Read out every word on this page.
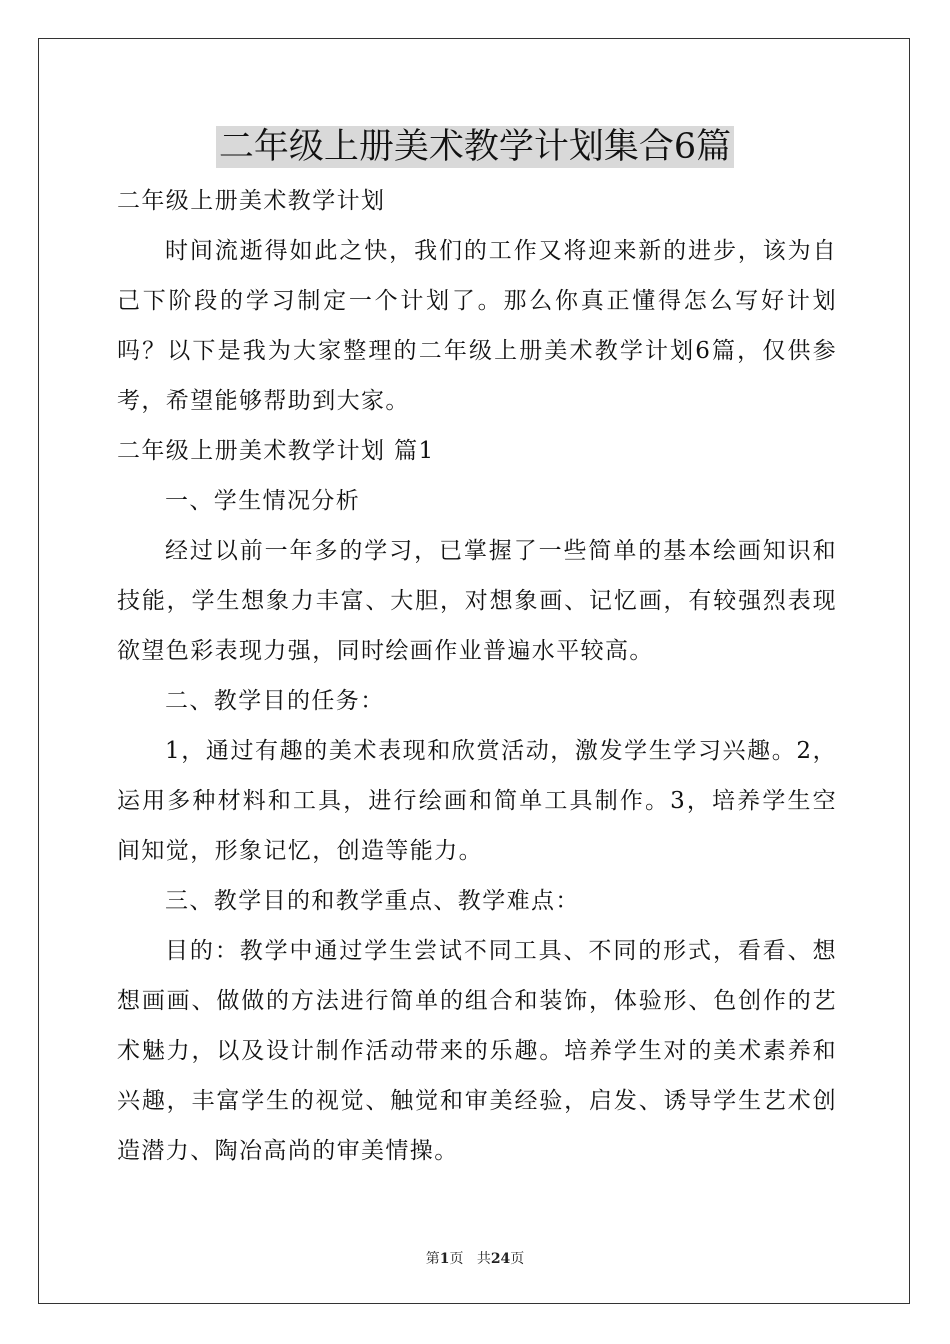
二年级上册美术教学计划集合6篇
二年级上册美术教学计划

时间流逝得如此之快，我们的工作又将迎来新的进步，该为自己下阶段的学习制定一个计划了。那么你真正懂得怎么写好计划吗？以下是我为大家整理的二年级上册美术教学计划6篇，仅供参考，希望能够帮助到大家。

二年级上册美术教学计划 篇1
一、学生情况分析

经过以前一年多的学习，已掌握了一些简单的基本绘画知识和技能，学生想象力丰富、大胆，对想象画、记忆画，有较强烈表现欲望色彩表现力强，同时绘画作业普遍水平较高。

二、教学目的任务：

1，通过有趣的美术表现和欣赏活动，激发学生学习兴趣。2，运用多种材料和工具，进行绘画和简单工具制作。3，培养学生空间知觉，形象记忆，创造等能力。

三、教学目的和教学重点、教学难点：

目的：教学中通过学生尝试不同工具、不同的形式，看看、想想画画、做做的方法进行简单的组合和装饰，体验形、色创作的艺术魅力，以及设计制作活动带来的乐趣。培养学生对的美术素养和兴趣，丰富学生的视觉、触觉和审美经验，启发、诱导学生艺术创造潜力、陶冶高尚的审美情操。

第1页 共24页
